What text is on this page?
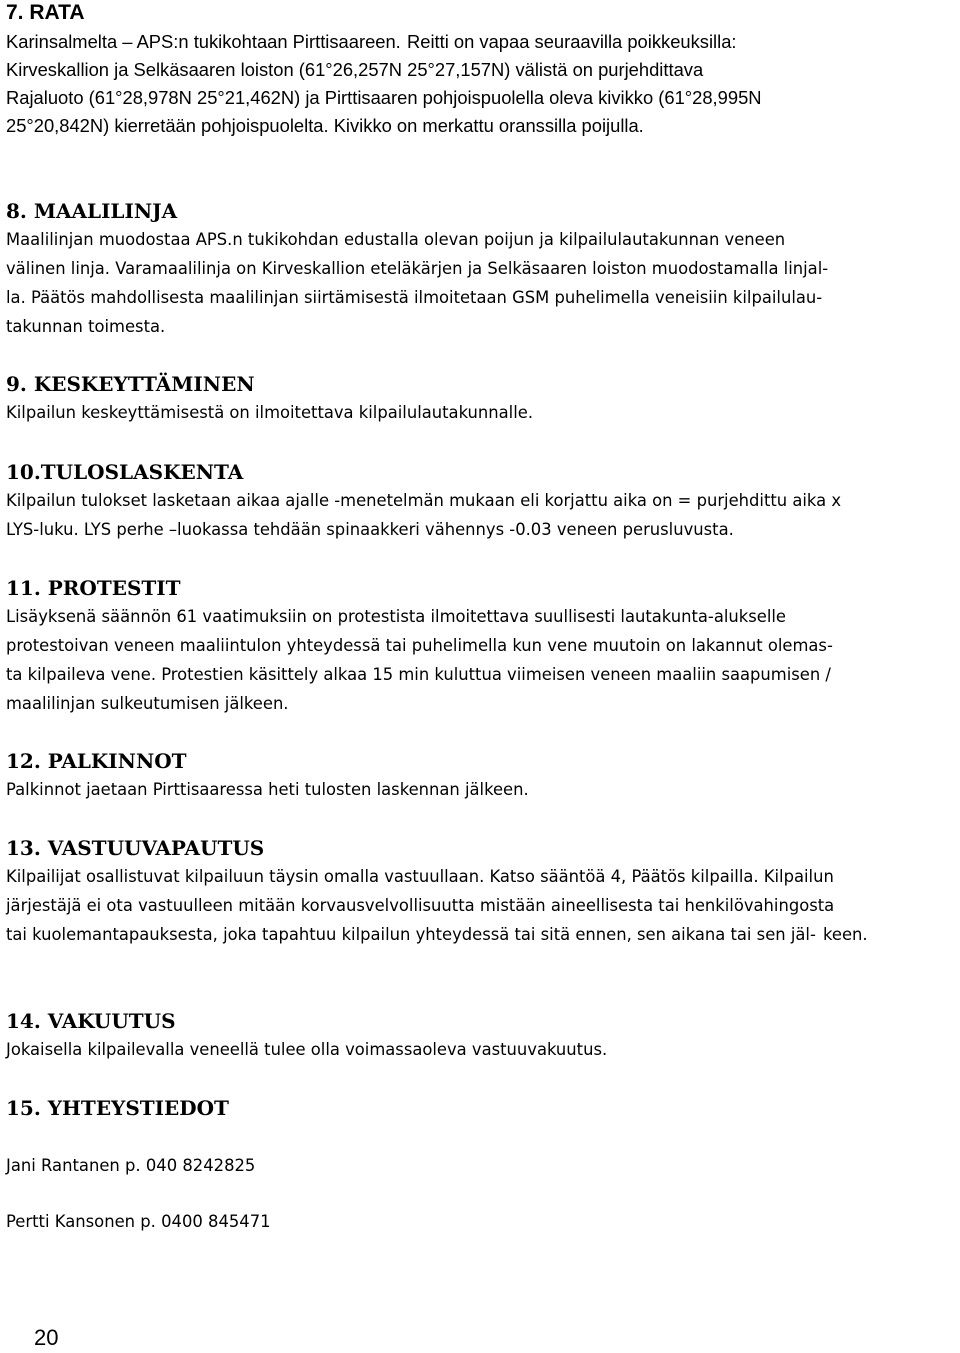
7. RATA
Karinsalmelta – APS:n tukikohtaan Pirttisaareen. Reitti on vapaa seuraavilla poikkeuksilla: Kirveskallion ja Selkäsaaren loiston (61°26,257N 25°27,157N) välistä on purjehdittava Rajaluoto (61°28,978N 25°21,462N) ja Pirttisaaren pohjoispuolella oleva kivikko (61°28,995N 25°20,842N) kierretään pohjoispuolelta. Kivikko on merkattu oranssilla poijulla.
8. MAALILINJA
Maalilinjan muodostaa APS.n tukikohdan edustalla olevan poijun ja kilpailulautakunnan veneen välinen linja. Varamaalilinja on Kirveskallion eteläkärjen ja Selkäsaaren loiston muodostamalla linjal- la. Päätös mahdollisesta maalilinjan siirtämisestä ilmoitetaan GSM puhelimella veneisiin kilpailulau- takunnan toimesta.
9. KESKEYTTÄMINEN
Kilpailun keskeyttämisestä on ilmoitettava kilpailulautakunnalle.
10.TULOSLASKENTA
Kilpailun tulokset lasketaan aikaa ajalle -menetelmän mukaan eli korjattu aika on = purjehdittu aika x LYS-luku. LYS perhe –luokassa tehdään spinaakkeri vähennys -0.03 veneen perusluvusta.
11. PROTESTIT
Lisäyksenä säännön 61 vaatimuksiin on protestista ilmoitettava suullisesti lautakunta-alukselle protestoivan veneen maaliintulon yhteydessä tai puhelimella kun vene muutoin on lakannut olemas- ta kilpaileva vene. Protestien käsittely alkaa 15 min kuluttua viimeisen veneen maaliin saapumisen / maalilinjan sulkeutumisen jälkeen.
12. PALKINNOT
Palkinnot jaetaan Pirttisaaressa heti tulosten laskennan jälkeen.
13. VASTUUVAPAUTUS
Kilpailijat osallistuvat kilpailuun täysin omalla vastuullaan. Katso sääntöä 4, Päätös kilpailla. Kilpailun järjestäjä ei ota vastuulleen mitään korvausvelvollisuutta mistään aineellisesta tai henkilövahingosta tai kuolemantapauksesta, joka tapahtuu kilpailun yhteydessä tai sitä ennen, sen aikana tai sen jäl- keen.
14. VAKUUTUS
Jokaisella kilpailevalla veneellä tulee olla voimassaoleva vastuuvakuutus.
15. YHTEYSTIEDOT
Jani Rantanen p. 040 8242825
Pertti Kansonen p. 0400 845471
20
